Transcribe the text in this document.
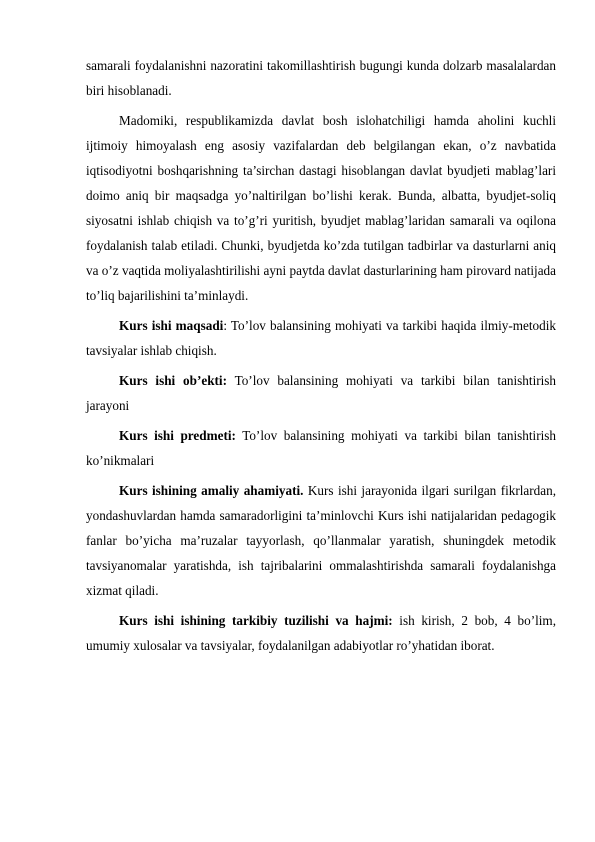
samarali foydalanishni nazoratini takomillashtirish bugungi kunda dolzarb masalalardan biri hisoblanadi.

Madomiki, respublikamizda davlat bosh islohatchiligi hamda aholini kuchli ijtimoiy himoyalash eng asosiy vazifalardan deb belgilangan ekan, o’z navbatida iqtisodiyotni boshqarishning ta’sirchan dastagi hisoblangan davlat byudjeti mablag’lari doimo aniq bir maqsadga yo’naltirilgan bo’lishi kerak. Bunda, albatta, byudjet-soliq siyosatni ishlab chiqish va to’g’ri yuritish, byudjet mablag’laridan samarali va oqilona foydalanish talab etiladi. Chunki, byudjetda ko’zda tutilgan tadbirlar va dasturlarni aniq va o’z vaqtida moliyalashtirilishi ayni paytda davlat dasturlarining ham pirovard natijada to’liq bajarilishini ta’minlaydi.

Kurs ishi maqsadi: To’lov balansining mohiyati va tarkibi haqida ilmiy-metodik tavsiyalar ishlab chiqish.

Kurs ishi ob’ekti: To’lov balansining mohiyati va tarkibi bilan tanishtirish jarayoni

Kurs ishi predmeti: To’lov balansining mohiyati va tarkibi bilan tanishtirish ko’nikmalari

Kurs ishining amaliy ahamiyati. Kurs ishi jarayonida ilgari surilgan fikrlardan, yondashuvlardan hamda samaradorligini ta’minlovchi Kurs ishi natijalaridan pedagogik fanlar bo’yicha ma’ruzalar tayyorlash, qo’llanmalar yaratish, shuningdek metodik tavsiyanomalar yaratishda, ish tajribalarini ommalashtirishda samarali foydalanishga xizmat qiladi.

Kurs ishi ishining tarkibiy tuzilishi va hajmi: ish kirish, 2 bob, 4 bo’lim, umumiy xulosalar va tavsiyalar, foydalanilgan adabiyotlar ro’yhatidan iborat.
